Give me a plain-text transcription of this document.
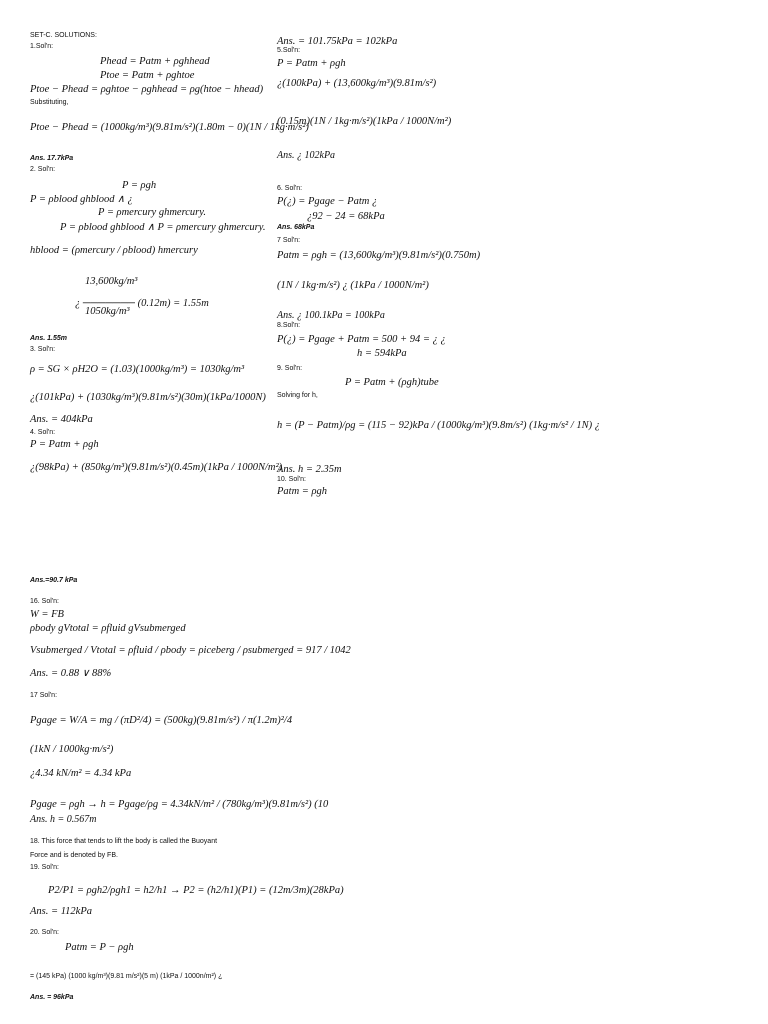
SET-C. SOLUTIONS:
1.Sol'n:
Phead = Patm + ρghhead
Ptoe = Patm + ρghtoe
Ptoe − Phead = ρghtoe − ρghhead = ρg(htoe − hhead)
Substituting,
Ptoe − Phead = (1000kg/m³)(9.81m/s²)(1.80m − 0)(1N / 1kg·m/s²)
Ans. 17.7kPa
2. Sol'n:
P = ρgh
P = ρblood ghblood ∧ ¿
P = ρmercury ghmercury.
P = ρblood ghblood ∧ P = ρmercury ghmercury.
hblood = (ρmercury / ρblood) hmercury
13,600kg/m³
¿ ─────── (0.12m) = 1.55m
1050kg/m³
Ans. 1.55m
3. Sol'n:
ρ = SG × ρH2O = (1.03)(1000kg/m³) = 1030kg/m³
¿(101kPa) + (1030kg/m³)(9.81m/s²)(30m)(1kPa/1000N)
Ans. = 404kPa
4. Sol'n:
P = Patm + ρgh
¿(98kPa) + (850kg/m³)(9.81m/s²)(0.45m)(1kPa / 1000N/m²)
Ans.=90.7 kPa
16. Sol'n:
W = FB
ρbody gVtotal = ρfluid gVsubmerged
Vsubmerged / Vtotal = ρfluid / ρbody = ρiceberg / ρsubmerged = 917 / 1042
Ans. = 0.88 ∨ 88%
17 Sol'n:
Pgage = W/A = mg / (πD²/4) = (500kg)(9.81m/s²) / π(1.2m)²/4
(1kN / 1000kg·m/s²)
¿4.34 kN/m² = 4.34 kPa
Pgage = ρgh → h = Pgage/ρg = 4.34kN/m² / (780kg/m³)(9.81m/s²) (10
Ans. h = 0.567m
18. This force that tends to lift the body is called the Buoyant
Force and is denoted by FB.
19. Sol'n:
P2/P1 = ρgh2/ρgh1 = h2/h1 → P2 = (h2/h1)(P1) = (12m/3m)(28kPa)
Ans. = 112kPa
20. Sol'n:
Patm = P − ρgh
= (145 kPa) (1000 kg/m³)(9.81 m/s²)(5 m) (1kPa / 1000n/m²) ¿
Ans. = 96kPa
Ans. = 101.75kPa = 102kPa
5.Sol'n:
P = Patm + ρgh
¿(100kPa) + (13,600kg/m³)(9.81m/s²)
(0.15m)(1N / 1kg·m/s²)(1kPa / 1000N/m²)
Ans. ¿ 102kPa
6. Sol'n:
P(¿) = Pgage − Patm ¿
¿92 − 24 = 68kPa
Ans. 68kPa
7 Sol'n:
Patm = ρgh = (13,600kg/m³)(9.81m/s²)(0.750m)
(1N / 1kg·m/s²) ¿ (1kPa / 1000N/m²)
Ans. ¿ 100.1kPa = 100kPa
8.Sol'n:
P(¿) = Pgage + Patm = 500 + 94 = ¿ ¿
h = 594kPa
9. Sol'n:
P = Patm + (ρgh)tube
Solving for h,
h = (P − Patm)/ρg = (115 − 92)kPa / (1000kg/m³)(9.8m/s²) (1kg·m/s² / 1N) ¿
Ans. h = 2.35m
10. Sol'n:
Patm = ρgh
